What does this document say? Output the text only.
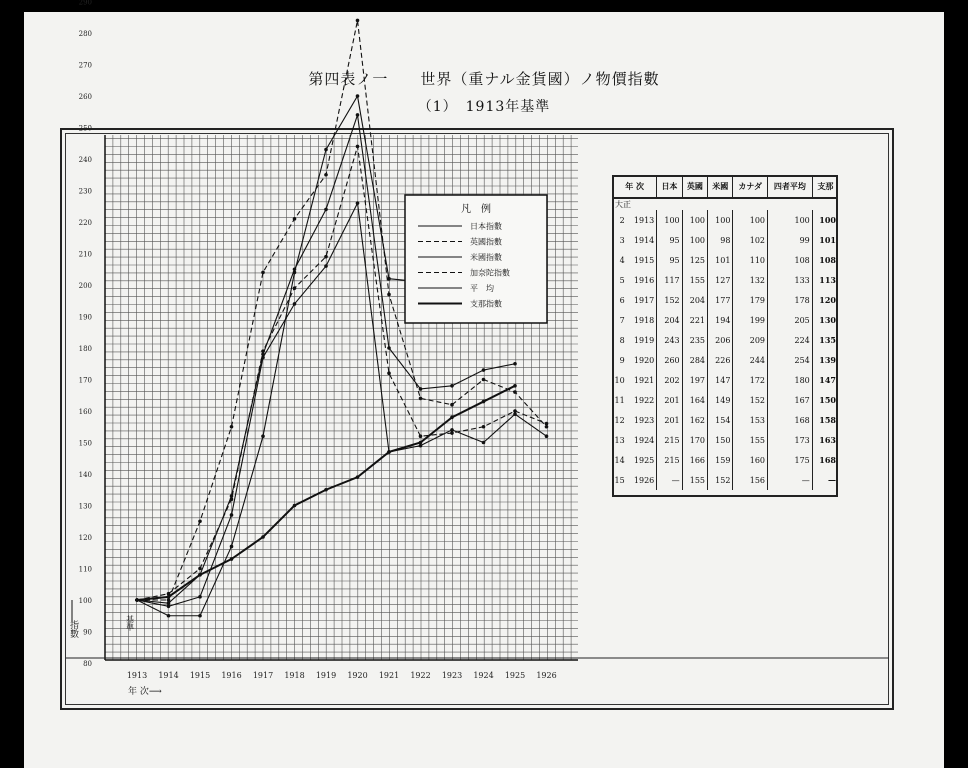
第四表ノ一　　世界（重ナル金貨國）ノ物價指數
（1）　1913年基準
80
90
100
110
120
130
140
150
160
170
180
190
200
210
220
230
240
250
260
270
280
290
1913 1914 1915 1916 1917 1918 1919 1920 1921 1922 1923 1924 1925 1926
年 次⟶
指數	基準
凡　例
日本指數
英國指數
米國指數
加奈陀指數
平　均
支那指數
年 次		日本	英國	米國	カナダ	四者平均	支那
大正							
2	1913	100	100	100	100	100	100
3	1914	95	100	98	102	99	101
4	1915	95	125	101	110	108	108
5	1916	117	155	127	132	133	113
6	1917	152	204	177	179	178	120
7	1918	204	221	194	199	205	130
8	1919	243	235	206	209	224	135
9	1920	260	284	226	244	254	139
10	1921	202	197	147	172	180	147
11	1922	201	164	149	152	167	150
12	1923	201	162	154	153	168	158
13	1924	215	170	150	155	173	163
14	1925	215	166	159	160	175	168
15	1926	—	155	152	156	—	—
